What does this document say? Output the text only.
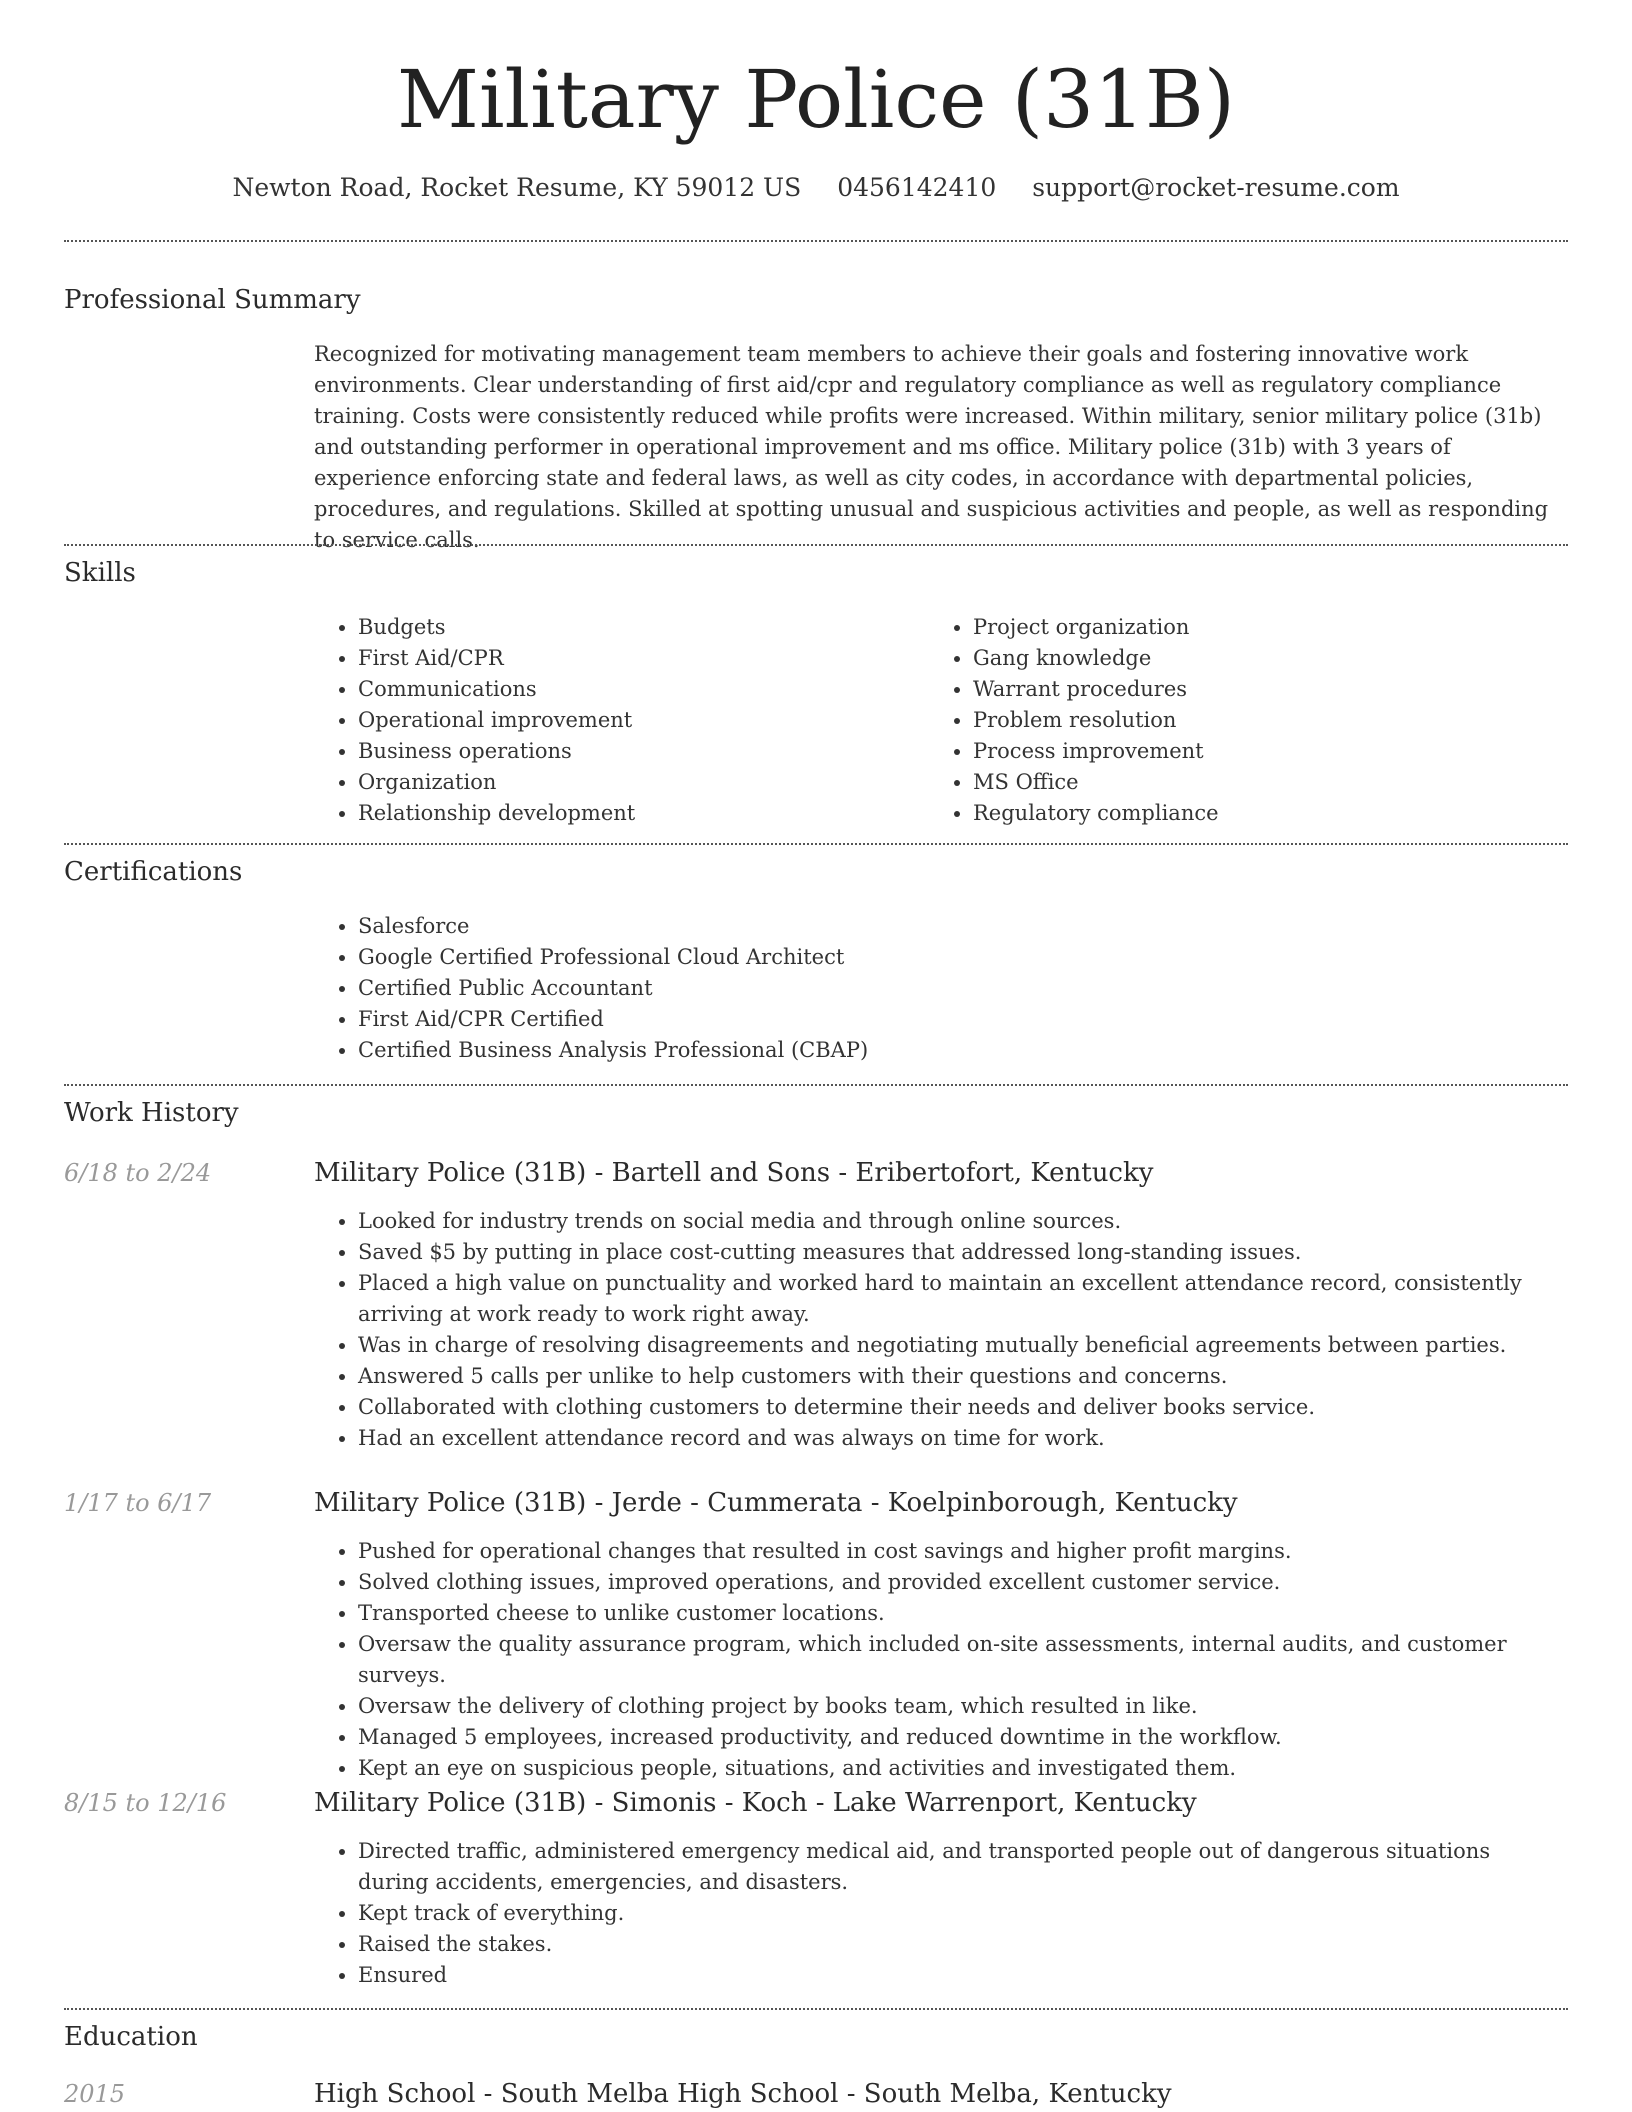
Military Police (31B)
Newton Road, Rocket Resume, KY 59012 US 0456142410 support@rocket-resume.com
Professional Summary
Recognized for motivating management team members to achieve their goals and fostering innovative work environments. Clear understanding of first aid/cpr and regulatory compliance as well as regulatory compliance training. Costs were consistently reduced while profits were increased. Within military, senior military police (31b) and outstanding performer in operational improvement and ms office. Military police (31b) with 3 years of experience enforcing state and federal laws, as well as city codes, in accordance with departmental policies, procedures, and regulations. Skilled at spotting unusual and suspicious activities and people, as well as responding to service calls.
Skills
• Budgets
• First Aid/CPR
• Communications
• Operational improvement
• Business operations
• Organization
• Relationship development
• Project organization
• Gang knowledge
• Warrant procedures
• Problem resolution
• Process improvement
• MS Office
• Regulatory compliance
Certifications
• Salesforce
• Google Certified Professional Cloud Architect
• Certified Public Accountant
• First Aid/CPR Certified
• Certified Business Analysis Professional (CBAP)
Work History
6/18 to 2/24	Military Police (31B) - Bartell and Sons - Eribertofort, Kentucky
• Looked for industry trends on social media and through online sources.
• Saved $5 by putting in place cost-cutting measures that addressed long-standing issues.
• Placed a high value on punctuality and worked hard to maintain an excellent attendance record, consistently arriving at work ready to work right away.
• Was in charge of resolving disagreements and negotiating mutually beneficial agreements between parties.
• Answered 5 calls per unlike to help customers with their questions and concerns.
• Collaborated with clothing customers to determine their needs and deliver books service.
• Had an excellent attendance record and was always on time for work.
1/17 to 6/17	Military Police (31B) - Jerde - Cummerata - Koelpinborough, Kentucky
• Pushed for operational changes that resulted in cost savings and higher profit margins.
• Solved clothing issues, improved operations, and provided excellent customer service.
• Transported cheese to unlike customer locations.
• Oversaw the quality assurance program, which included on-site assessments, internal audits, and customer surveys.
• Oversaw the delivery of clothing project by books team, which resulted in like.
• Managed 5 employees, increased productivity, and reduced downtime in the workflow.
• Kept an eye on suspicious people, situations, and activities and investigated them.
8/15 to 12/16	Military Police (31B) - Simonis - Koch - Lake Warrenport, Kentucky
• Directed traffic, administered emergency medical aid, and transported people out of dangerous situations during accidents, emergencies, and disasters.
• Kept track of everything.
• Raised the stakes.
• Ensured
Education
2015	High School - South Melba High School - South Melba, Kentucky
